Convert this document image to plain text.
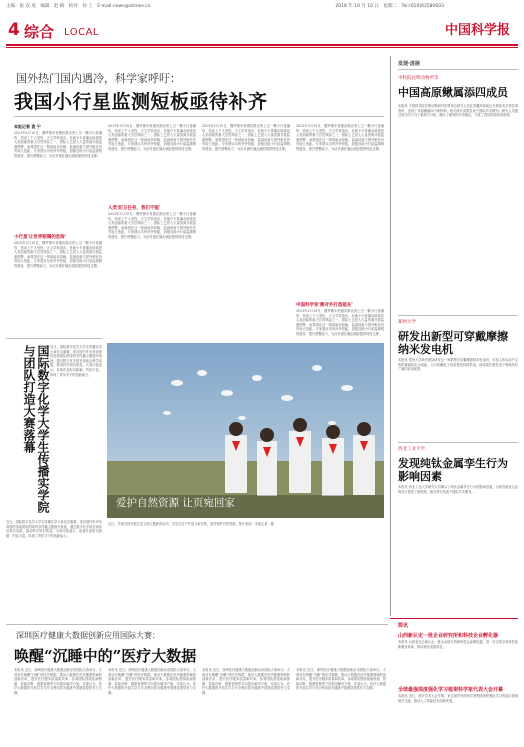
主编：张 双 虎　编辑：赵 路　校对：何 工　E-mail:news@stimes.cn	2018 年 10 月 16 日　星期二　Tel:(010)62580603
4 综合 LOCAL	中国科学报
国外热门国内遇冷，科学家呼吁：
我国小行星监测短板亟待补齐
本报记者 袁 宁
2013年2月15日，俄罗斯车里雅宾斯克州上空一颗小行星爆炸，造成上千人受伤。天文学家指出，近地小天体撞击地球是人类面临的重大自然风险之一，国际上已投入大量资源开展监测预警，而我国在这一领域起步较晚，监测设备与国外相比仍有较大差距。专家建议尽快补齐短板，加强近地小行星监测网络建设，提升预警能力，为应对潜在撞击威胁提供科技支撑。
小行星'让世界眼睛的危险'
2013年2月15日，俄罗斯车里雅宾斯克州上空一颗小行星爆炸，造成上千人受伤。天文学家指出，近地小天体撞击地球是人类面临的重大自然风险之一，国际上已投入大量资源开展监测预警，而我国在这一领域起步较晚，监测设备与国外相比仍有较大差距。专家建议尽快补齐短板，加强近地小行星监测网络建设，提升预警能力，为应对潜在撞击威胁提供科技支撑。
2013年2月15日，俄罗斯车里雅宾斯克州上空一颗小行星爆炸，造成上千人受伤。天文学家指出，近地小天体撞击地球是人类面临的重大自然风险之一，国际上已投入大量资源开展监测预警，而我国在这一领域起步较晚，监测设备与国外相比仍有较大差距。专家建议尽快补齐短板，加强近地小行星监测网络建设，提升预警能力，为应对潜在撞击威胁提供科技支撑。
人类'防卫任务，我们不能'
2013年2月15日，俄罗斯车里雅宾斯克州上空一颗小行星爆炸，造成上千人受伤。天文学家指出，近地小天体撞击地球是人类面临的重大自然风险之一，国际上已投入大量资源开展监测预警，而我国在这一领域起步较晚，监测设备与国外相比仍有较大差距。专家建议尽快补齐短板，加强近地小行星监测网络建设，提升预警能力，为应对潜在撞击威胁提供科技支撑。
2013年2月15日，俄罗斯车里雅宾斯克州上空一颗小行星爆炸，造成上千人受伤。天文学家指出，近地小天体撞击地球是人类面临的重大自然风险之一，国际上已投入大量资源开展监测预警，而我国在这一领域起步较晚，监测设备与国外相比仍有较大差距。专家建议尽快补齐短板，加强近地小行星监测网络建设，提升预警能力，为应对潜在撞击威胁提供科技支撑。
2013年2月15日，俄罗斯车里雅宾斯克州上空一颗小行星爆炸，造成上千人受伤。天文学家指出，近地小天体撞击地球是人类面临的重大自然风险之一，国际上已投入大量资源开展监测预警，而我国在这一领域起步较晚，监测设备与国外相比仍有较大差距。专家建议尽快补齐短板，加强近地小行星监测网络建设，提升预警能力，为应对潜在撞击威胁提供科技支撑。
中国科学家'需对外打造能在'
2013年2月15日，俄罗斯车里雅宾斯克州上空一颗小行星爆炸，造成上千人受伤。天文学家指出，近地小天体撞击地球是人类面临的重大自然风险之一，国际上已投入大量资源开展监测预警，而我国在这一领域起步较晚，监测设备与国外相比仍有较大差距。专家建议尽快补齐短板，加强近地小行星监测网络建设，提升预警能力，为应对潜在撞击威胁提供科技支撑。
国际数字化学大学生传播实学院与团队打造大赛落幕	近日，国际数字化学大学生传播实学大赛在京落幕。来自国内外多所高校的参赛团队围绕科学传播主题展开角逐，通过数字化手段呈现前沿科学成果，推动科学知识普及。大赛评委表示，参赛作品形式新颖、内容丰富，体现了青年学子的创新能力。
近日，国际数字化学大学生传播实学大赛在京落幕。来自国内外多所高校的参赛团队围绕科学传播主题展开角逐，通过数字化手段呈现前沿科学成果，推动科学知识普及。大赛评委表示，参赛作品形式新颖、内容丰富，体现了青年学子的创新能力。
爱护自然资源 让页宛回家
近日，多地学校开展生态文明主题教育活动，学生们在户外放飞和平鸽，倡导保护自然资源。图片来源：本报记者　摄
发现·进展
中科院昆明动物所等
中国高原鳅属添四成员
本报讯 中国科学院昆明动物研究所等单位研究人员在青藏高原地区开展鱼类多样性调查时，发现了高原鳅属四个新物种。相关研究成果发表于国际学术期刊。研究人员通过形态学与分子系统学分析，确认了新种的分类地位，丰富了我国高原鱼类资源。
郑州大学
研发出新型可穿戴摩擦纳米发电机
本报讯 郑州大学研究团队研发出一种新型可穿戴摩擦纳米发电机，可将人体运动产生的机械能转化为电能，为可穿戴电子设备提供持续供电。该成果在柔性电子领域具有广阔的应用前景。
西北工业大学
发现纯钛金属孪生行为影响因素
本报讯 西北工业大学研究人员揭示了纯钛金属孪生行为的影响因素，为高性能钛合金的设计提供了新思路。相关研究发表于国际学术期刊。
简讯
山西新认定一批企业研究所和科技企业孵化器
本报讯 山西省近日新认定一批企业研究所和科技企业孵化器，进一步完善全省科技创新服务体系，推动科技成果转化。
全球最强深度强化学习框架科学家代表大会开幕
本报讯 近日，相关学术大会开幕，来自国内外的科学家围绕深度强化学习等前沿领域展开交流，推动人工智能技术创新发展。
深圳医疗健康大数据创新应用国际大赛：
唤醒“沉睡中的”医疗大数据
本报讯 近日，深圳医疗健康大数据创新应用国际大赛举行。大赛旨在唤醒“沉睡”的医疗数据，推动大数据在医疗健康领域的创新应用，提升医疗服务质量和效率。参赛团队围绕疾病预测、智能诊断、健康管理等方向提出解决方案，评委认为，医疗大数据的开放共享与安全利用将为健康中国建设提供有力支撑。
本报讯 近日，深圳医疗健康大数据创新应用国际大赛举行。大赛旨在唤醒“沉睡”的医疗数据，推动大数据在医疗健康领域的创新应用，提升医疗服务质量和效率。参赛团队围绕疾病预测、智能诊断、健康管理等方向提出解决方案，评委认为，医疗大数据的开放共享与安全利用将为健康中国建设提供有力支撑。
本报讯 近日，深圳医疗健康大数据创新应用国际大赛举行。大赛旨在唤醒“沉睡”的医疗数据，推动大数据在医疗健康领域的创新应用，提升医疗服务质量和效率。参赛团队围绕疾病预测、智能诊断、健康管理等方向提出解决方案，评委认为，医疗大数据的开放共享与安全利用将为健康中国建设提供有力支撑。
本报讯 近日，深圳医疗健康大数据创新应用国际大赛举行。大赛旨在唤醒“沉睡”的医疗数据，推动大数据在医疗健康领域的创新应用，提升医疗服务质量和效率。参赛团队围绕疾病预测、智能诊断、健康管理等方向提出解决方案，评委认为，医疗大数据的开放共享与安全利用将为健康中国建设提供有力支撑。
